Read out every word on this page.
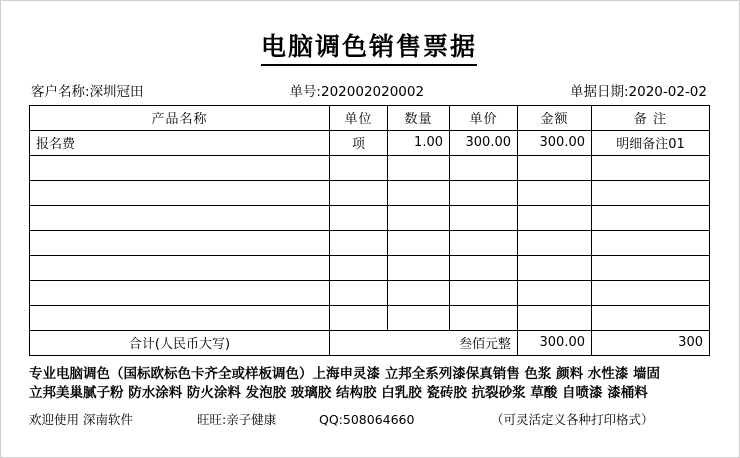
电脑调色销售票据
客户名称:深圳冠田	单号:202002020002	单据日期:2020-02-02
产品名称	单位	数量	单价	金额	备 注
报名费	项	1.00	300.00	300.00	明细备注01

合计(人民币大写)	叁佰元整			300.00	300
专业电脑调色（国标欧标色卡齐全或样板调色）上海申灵漆 立邦全系列漆保真销售 色浆 颜料 水性漆 墙固
立邦美巢腻子粉 防水涂料 防火涂料 发泡胶 玻璃胶 结构胶 白乳胶 瓷砖胶 抗裂砂浆 草酸 自喷漆 漆桶料
欢迎使用 深南软件	旺旺:亲子健康	QQ:508064660	（可灵活定义各种打印格式）
